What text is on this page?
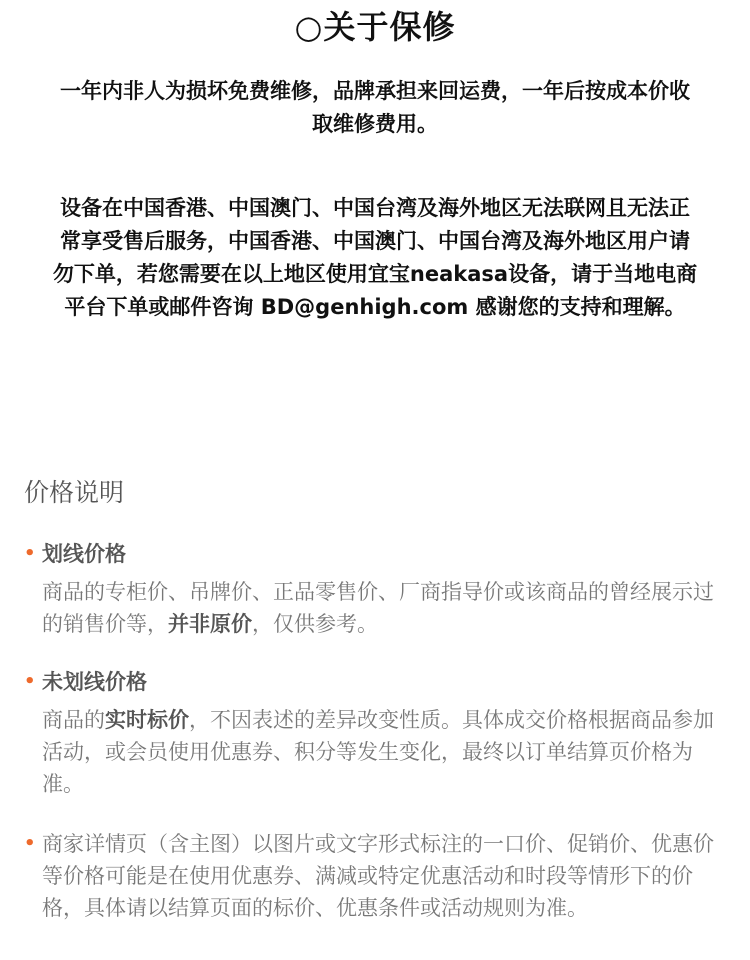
○关于保修
一年内非人为损坏免费维修，品牌承担来回运费，一年后按成本价收取维修费用。
设备在中国香港、中国澳门、中国台湾及海外地区无法联网且无法正常享受售后服务，中国香港、中国澳门、中国台湾及海外地区用户请勿下单，若您需要在以上地区使用宜宝neakasa设备，请于当地电商平台下单或邮件咨询 BD@genhigh.com 感谢您的支持和理解。
价格说明
• 划线价格
商品的专柜价、吊牌价、正品零售价、厂商指导价或该商品的曾经展示过的销售价等，并非原价，仅供参考。
• 未划线价格
商品的实时标价，不因表述的差异改变性质。具体成交价格根据商品参加活动，或会员使用优惠券、积分等发生变化，最终以订单结算页价格为准。
• 商家详情页（含主图）以图片或文字形式标注的一口价、促销价、优惠价等价格可能是在使用优惠券、满减或特定优惠活动和时段等情形下的价格，具体请以结算页面的标价、优惠条件或活动规则为准。
